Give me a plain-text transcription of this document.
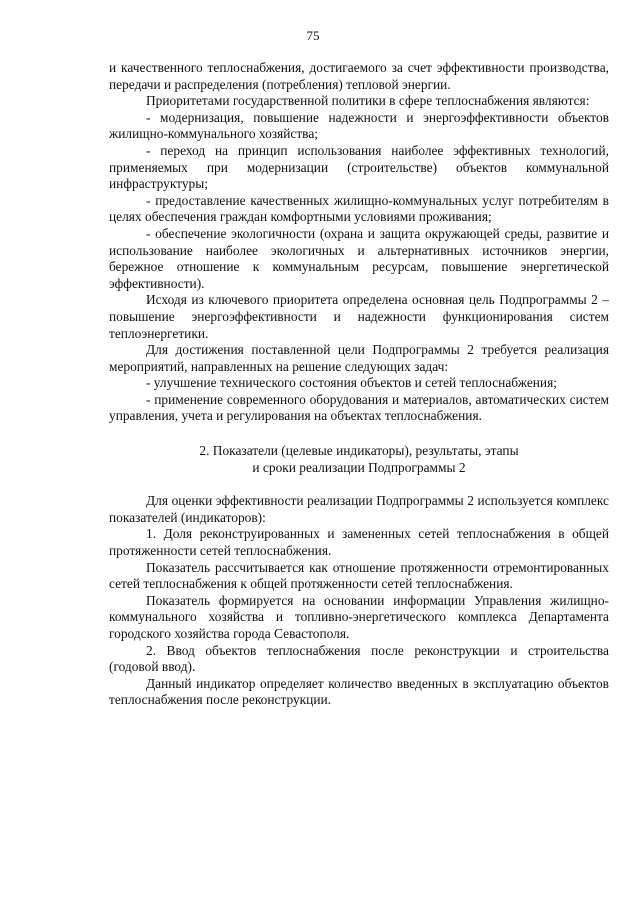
75

и качественного теплоснабжения, достигаемого за счет эффективности производства, передачи и распределения (потребления) тепловой энергии.

Приоритетами государственной политики в сфере теплоснабжения являются:

- модернизация, повышение надежности и энергоэффективности объектов жилищно-коммунального хозяйства;

- переход на принцип использования наиболее эффективных технологий, применяемых при модернизации (строительстве) объектов коммунальной инфраструктуры;

- предоставление качественных жилищно-коммунальных услуг потребителям в целях обеспечения граждан комфортными условиями проживания;

- обеспечение экологичности (охрана и защита окружающей среды, развитие и использование наиболее экологичных и альтернативных источников энергии, бережное отношение к коммунальным ресурсам, повышение энергетической эффективности).

Исходя из ключевого приоритета определена основная цель Подпрограммы 2 – повышение энергоэффективности и надежности функционирования систем теплоэнергетики.

Для достижения поставленной цели Подпрограммы 2 требуется реализация мероприятий, направленных на решение следующих задач:

- улучшение технического состояния объектов и сетей теплоснабжения;

- применение современного оборудования и материалов, автоматических систем управления, учета и регулирования на объектах теплоснабжения.

2. Показатели (целевые индикаторы), результаты, этапы

и сроки реализации Подпрограммы 2

Для оценки эффективности реализации Подпрограммы 2 используется комплекс показателей (индикаторов):

1. Доля реконструированных и замененных сетей теплоснабжения в общей протяженности сетей теплоснабжения.

Показатель рассчитывается как отношение протяженности отремонтированных сетей теплоснабжения к общей протяженности сетей теплоснабжения.

Показатель формируется на основании информации Управления жилищно-коммунального хозяйства и топливно-энергетического комплекса Департамента городского хозяйства города Севастополя.

2. Ввод объектов теплоснабжения после реконструкции и строительства (годовой ввод).

Данный индикатор определяет количество введенных в эксплуатацию объектов теплоснабжения после реконструкции.
